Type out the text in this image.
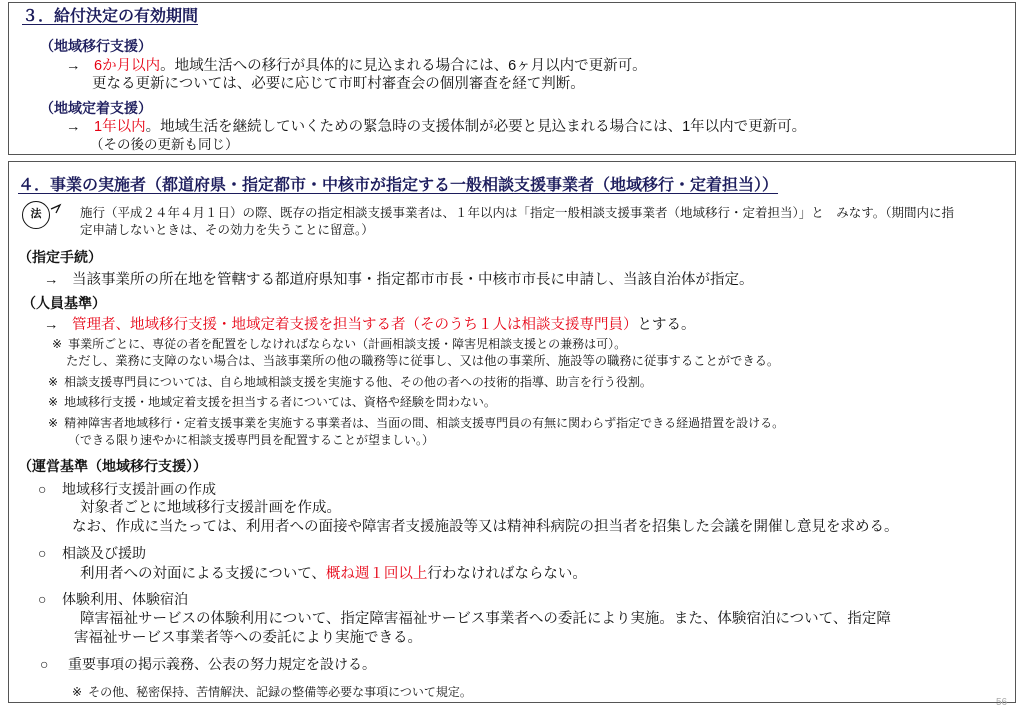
３．給付決定の有効期間
（地域移行支援）
→ 6か月以内。地域生活への移行が具体的に見込まれる場合には、6ヶ月以内で更新可。
更なる更新については、必要に応じて市町村審査会の個別審査を経て判断。
（地域定着支援）
→ 1年以内。地域生活を継続していくための緊急時の支援体制が必要と見込まれる場合には、1年以内で更新可。
（その後の更新も同じ）
４．事業の実施者（都道府県・指定都市・中核市が指定する一般相談支援事業者（地域移行・定着担当））
法	施行（平成２４年４月１日）の際、既存の指定相談支援事業者は、１年以内は「指定一般相談支援事業者（地域移行・定着担当）」と　みなす。（期間内に指
定申請しないときは、その効力を失うことに留意。）
（指定手続）
→ 当該事業所の所在地を管轄する都道府県知事・指定都市市長・中核市市長に申請し、当該自治体が指定。
（人員基準）
→ 管理者、地域移行支援・地域定着支援を担当する者（そのうち１人は相談支援専門員）とする。
※ 事業所ごとに、専従の者を配置をしなければならない（計画相談支援・障害児相談支援との兼務は可）。
ただし、業務に支障のない場合は、当該事業所の他の職務等に従事し、又は他の事業所、施設等の職務に従事することができる。
※ 相談支援専門員については、自ら地域相談支援を実施する他、その他の者への技術的指導、助言を行う役割。
※ 地域移行支援・地域定着支援を担当する者については、資格や経験を問わない。
※ 精神障害者地域移行・定着支援事業を実施する事業者は、当面の間、相談支援専門員の有無に関わらず指定できる経過措置を設ける。
（できる限り速やかに相談支援専門員を配置することが望ましい。）
（運営基準（地域移行支援））
○ 地域移行支援計画の作成
対象者ごとに地域移行支援計画を作成。
なお、作成に当たっては、利用者への面接や障害者支援施設等又は精神科病院の担当者を招集した会議を開催し意見を求める。
○ 相談及び援助
利用者への対面による支援について、概ね週１回以上行わなければならない。
○ 体験利用、体験宿泊
障害福祉サービスの体験利用について、指定障害福祉サービス事業者への委託により実施。また、体験宿泊について、指定障
害福祉サービス事業者等への委託により実施できる。
○ 重要事項の掲示義務、公表の努力規定を設ける。
※ その他、秘密保持、苦情解決、記録の整備等必要な事項について規定。
56
